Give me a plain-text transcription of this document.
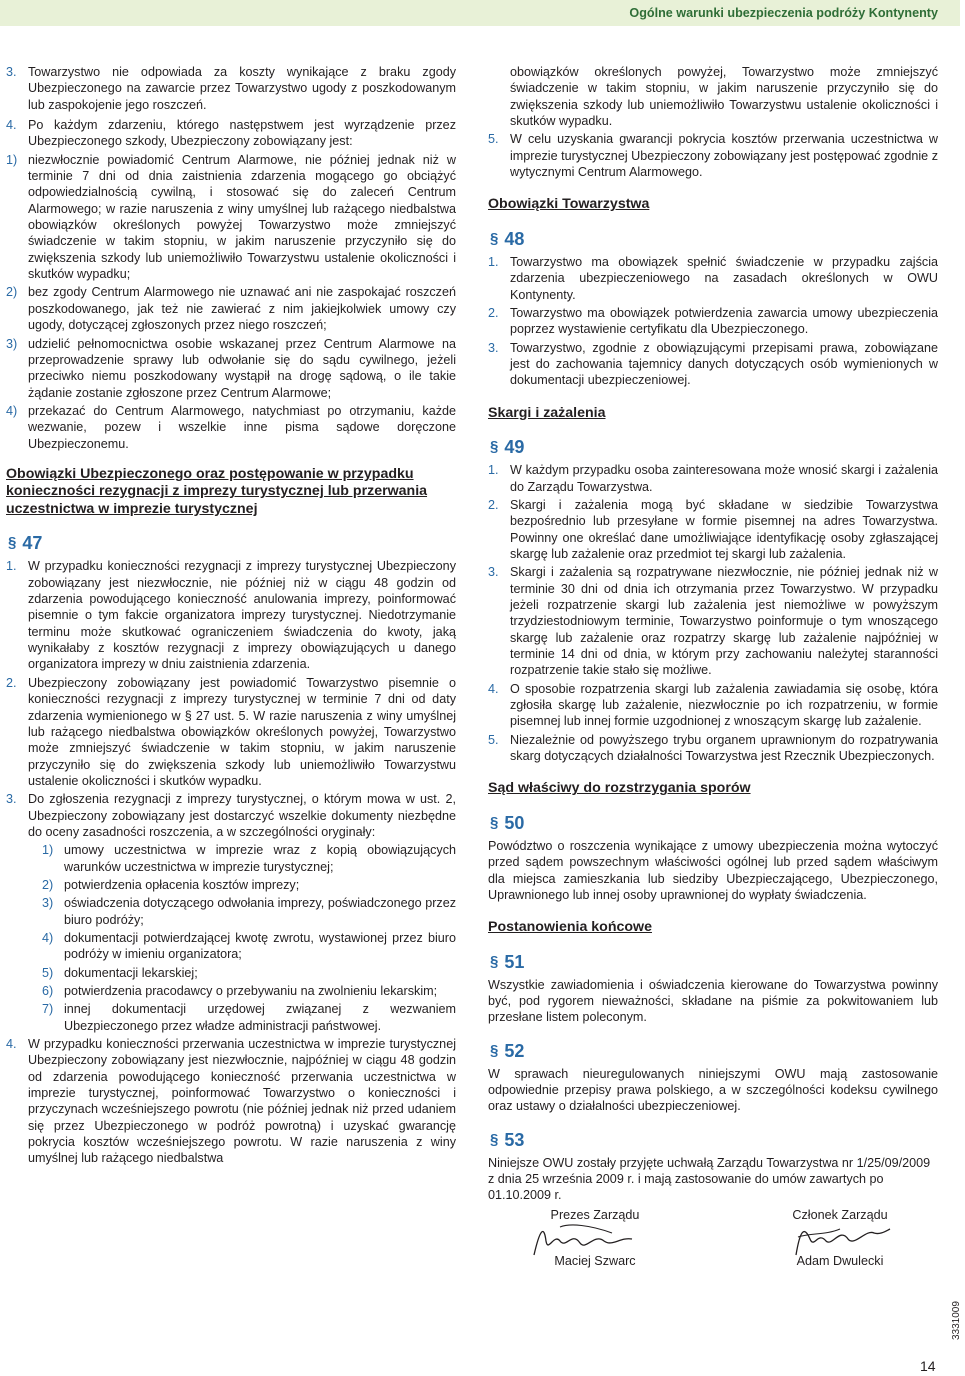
Ogólne warunki ubezpieczenia podróży Kontynenty
3. Towarzystwo nie odpowiada za koszty wynikające z braku zgody Ubezpieczonego na zawarcie przez Towarzystwo ugody z poszkodowanym lub zaspokojenie jego roszczeń.
4. Po każdym zdarzeniu, którego następstwem jest wyrządzenie przez Ubezpieczonego szkody, Ubezpieczony zobowiązany jest:
1) niezwłocznie powiadomić Centrum Alarmowe, nie później jednak niż w terminie 7 dni od dnia zaistnienia zdarzenia mogącego go obciążyć odpowiedzialnością cywilną, i stosować się do zaleceń Centrum Alarmowego; w razie naruszenia z winy umyślnej lub rażącego niedbalstwa obowiązków określonych powyżej Towarzystwo może zmniejszyć świadczenie w takim stopniu, w jakim naruszenie przyczyniło się do zwiększenia szkody lub uniemożliwiło Towarzystwu ustalenie okoliczności i skutków wypadku;
2) bez zgody Centrum Alarmowego nie uznawać ani nie zaspokajać roszczeń poszkodowanego, jak też nie zawierać z nim jakiejkolwiek umowy czy ugody, dotyczącej zgłoszonych przez niego roszczeń;
3) udzielić pełnomocnictwa osobie wskazanej przez Centrum Alarmowe na przeprowadzenie sprawy lub odwołanie się do sądu cywilnego, jeżeli przeciwko niemu poszkodowany wystąpił na drogę sądową, o ile takie żądanie zostanie zgłoszone przez Centrum Alarmowe;
4) przekazać do Centrum Alarmowego, natychmiast po otrzymaniu, każde wezwanie, pozew i wszelkie inne pisma sądowe doręczone Ubezpieczonemu.

Obowiązki Ubezpieczonego oraz postępowanie w przypadku konieczności rezygnacji z imprezy turystycznej lub przerwania uczestnictwa w imprezie turystycznej

§ 47
1. W przypadku konieczności rezygnacji z imprezy turystycznej Ubezpieczony zobowiązany jest niezwłocznie, nie później niż w ciągu 48 godzin od zdarzenia powodującego konieczność anulowania imprezy, poinformować pisemnie o tym fakcie organizatora imprezy turystycznej. Niedotrzymanie terminu może skutkować ograniczeniem świadczenia do kwoty, jaką wynikałaby z kosztów rezygnacji z imprezy obowiązujących u danego organizatora imprezy w dniu zaistnienia zdarzenia.
2. Ubezpieczony zobowiązany jest powiadomić Towarzystwo pisemnie o konieczności rezygnacji z imprezy turystycznej w terminie 7 dni od daty zdarzenia wymienionego w § 27 ust. 5. W razie naruszenia z winy umyślnej lub rażącego niedbalstwa obowiązków określonych powyżej, Towarzystwo może zmniejszyć świadczenie w takim stopniu, w jakim naruszenie przyczyniło się do zwiększenia szkody lub uniemożliwiło Towarzystwu ustalenie okoliczności i skutków wypadku.
3. Do zgłoszenia rezygnacji z imprezy turystycznej, o którym mowa w ust. 2, Ubezpieczony zobowiązany jest dostarczyć wszelkie dokumenty niezbędne do oceny zasadności roszczenia, a w szczególności oryginały:
1) umowy uczestnictwa w imprezie wraz z kopią obowiązujących warunków uczestnictwa w imprezie turystycznej;
2) potwierdzenia opłacenia kosztów imprezy;
3) oświadczenia dotyczącego odwołania imprezy, poświadczonego przez biuro podróży;
4) dokumentacji potwierdzającej kwotę zwrotu, wystawionej przez biuro podróży w imieniu organizatora;
5) dokumentacji lekarskiej;
6) potwierdzenia pracodawcy o przebywaniu na zwolnieniu lekarskim;
7) innej dokumentacji urzędowej związanej z wezwaniem Ubezpieczonego przez władze administracji państwowej.
4. W przypadku konieczności przerwania uczestnictwa w imprezie turystycznej Ubezpieczony zobowiązany jest niezwłocznie, najpóźniej w ciągu 48 godzin od zdarzenia powodującego konieczność przerwania uczestnictwa w imprezie turystycznej, poinformować Towarzystwo o konieczności i przyczynach wcześniejszego powrotu (nie później jednak niż przed udaniem się przez Ubezpieczonego w podróż powrotną) i uzyskać gwarancję pokrycia kosztów wcześniejszego powrotu. W razie naruszenia z winy umyślnej lub rażącego niedbalstwa
obowiązków określonych powyżej, Towarzystwo może zmniejszyć świadczenie w takim stopniu, w jakim naruszenie przyczyniło się do zwiększenia szkody lub uniemożliwiło Towarzystwu ustalenie okoliczności i skutków wypadku.
5. W celu uzyskania gwarancji pokrycia kosztów przerwania uczestnictwa w imprezie turystycznej Ubezpieczony zobowiązany jest postępować zgodnie z wytycznymi Centrum Alarmowego.

Obowiązki Towarzystwa

§ 48
1. Towarzystwo ma obowiązek spełnić świadczenie w przypadku zajścia zdarzenia ubezpieczeniowego na zasadach określonych w OWU Kontynenty.
2. Towarzystwo ma obowiązek potwierdzenia zawarcia umowy ubezpieczenia poprzez wystawienie certyfikatu dla Ubezpieczonego.
3. Towarzystwo, zgodnie z obowiązującymi przepisami prawa, zobowiązane jest do zachowania tajemnicy danych dotyczących osób wymienionych w dokumentacji ubezpieczeniowej.

Skargi i zażalenia

§ 49
1. W każdym przypadku osoba zainteresowana może wnosić skargi i zażalenia do Zarządu Towarzystwa.
2. Skargi i zażalenia mogą być składane w siedzibie Towarzystwa bezpośrednio lub przesyłane w formie pisemnej na adres Towarzystwa. Powinny one określać dane umożliwiające identyfikację osoby zgłaszającej skargę lub zażalenie oraz przedmiot tej skargi lub zażalenia.
3. Skargi i zażalenia są rozpatrywane niezwłocznie, nie później jednak niż w terminie 30 dni od dnia ich otrzymania przez Towarzystwo. W przypadku jeżeli rozpatrzenie skargi lub zażalenia jest niemożliwe w powyższym trzydziestodniowym terminie, Towarzystwo poinformuje o tym wnoszącego skargę lub zażalenie oraz rozpatrzy skargę lub zażalenie najpóźniej w terminie 14 dni od dnia, w którym przy zachowaniu należytej staranności rozpatrzenie takie stało się możliwe.
4. O sposobie rozpatrzenia skargi lub zażalenia zawiadamia się osobę, która zgłosiła skargę lub zażalenie, niezwłocznie po ich rozpatrzeniu, w formie pisemnej lub innej formie uzgodnionej z wnoszącym skargę lub zażalenie.
5. Niezależnie od powyższego trybu organem uprawnionym do rozpatrywania skarg dotyczących działalności Towarzystwa jest Rzecznik Ubezpieczonych.

Sąd właściwy do rozstrzygania sporów

§ 50

Powództwo o roszczenia wynikające z umowy ubezpieczenia można wytoczyć przed sądem powszechnym właściwości ogólnej lub przed sądem właściwym dla miejsca zamieszkania lub siedziby Ubezpieczającego, Ubezpieczonego, Uprawnionego lub innej osoby uprawnionej do wypłaty świadczenia.

Postanowienia końcowe

§ 51

Wszystkie zawiadomienia i oświadczenia kierowane do Towarzystwa powinny być, pod rygorem nieważności, składane na piśmie za pokwitowaniem lub przesłane listem poleconym.

§ 52

W sprawach nieuregulowanych niniejszymi OWU mają zastosowanie odpowiednie przepisy prawa polskiego, a w szczególności kodeksu cywilnego oraz ustawy o działalności ubezpieczeniowej.

§ 53

Niniejsze OWU zostały przyjęte uchwałą Zarządu Towarzystwa nr 1/25/09/2009 z dnia 25 września 2009 r. i mają zastosowanie do umów zawartych po 01.10.2009 r.

Prezes Zarządu
Maciej Szwarc
Członek Zarządu
Adam Dwulecki
14
3331009
